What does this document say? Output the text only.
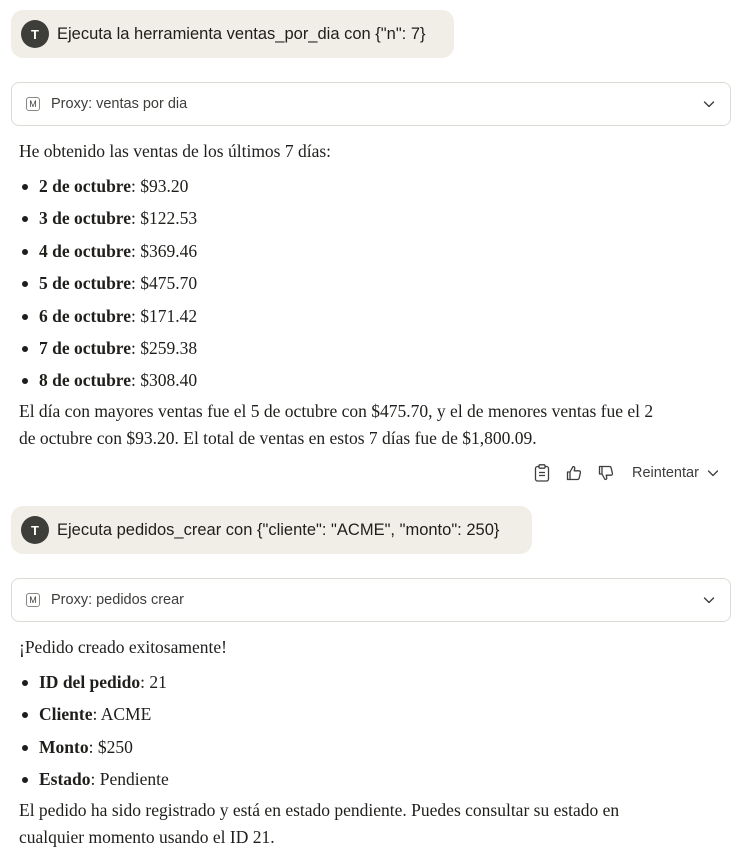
T	Ejecuta la herramienta ventas_por_dia con {"n": 7}
M Proxy: ventas por dia

He obtenido las ventas de los últimos 7 días:

2 de octubre: $93.20
3 de octubre: $122.53
4 de octubre: $369.46
5 de octubre: $475.70
6 de octubre: $171.42
7 de octubre: $259.38
8 de octubre: $308.40

El día con mayores ventas fue el 5 de octubre con $475.70, y el de menores ventas fue el 2
de octubre con $93.20. El total de ventas en estos 7 días fue de $1,800.09.

Reintentar
T	Ejecuta pedidos_crear con {"cliente": "ACME", "monto": 250}
M Proxy: pedidos crear

¡Pedido creado exitosamente!

ID del pedido: 21
Cliente: ACME
Monto: $250
Estado: Pendiente

El pedido ha sido registrado y está en estado pendiente. Puedes consultar su estado en
cualquier momento usando el ID 21.
